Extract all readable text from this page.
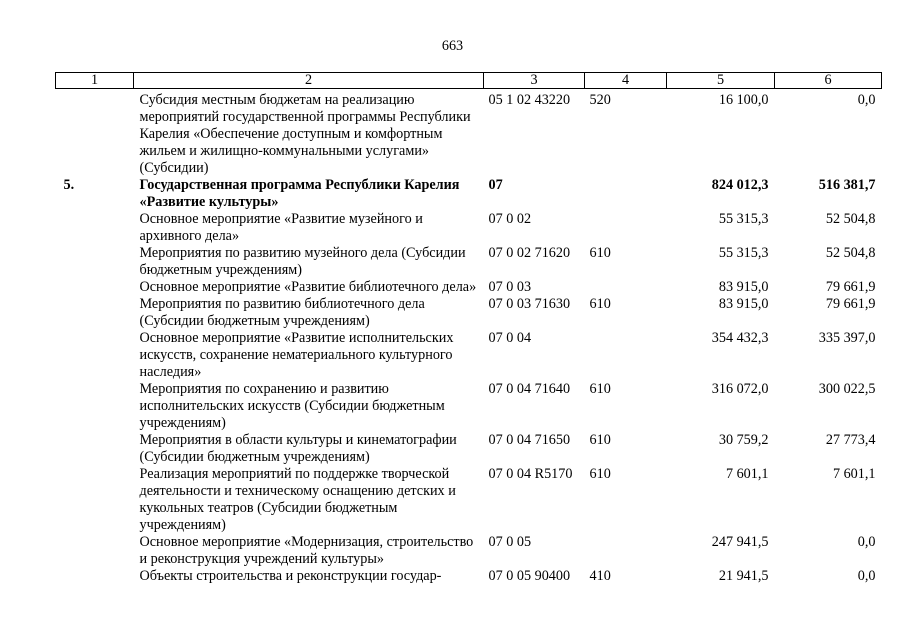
663
1	2	3	4	5	6
	Субсидия местным бюджетам на реализацию мероприятий государственной программы Республики Карелия «Обеспечение доступным и комфортным жильем и жилищно-коммунальными услугами» (Субсидии)	05 1 02 43220	520	16 100,0	0,0
5.	Государственная программа Республики Карелия «Развитие культуры»	07		824 012,3	516 381,7
	Основное мероприятие «Развитие музейного и архивного дела»	07 0 02		55 315,3	52 504,8
	Мероприятия по развитию музейного дела (Субсидии бюджетным учреждениям)	07 0 02 71620	610	55 315,3	52 504,8
	Основное мероприятие «Развитие библиотечного дела»	07 0 03		83 915,0	79 661,9
	Мероприятия по развитию библиотечного дела (Субсидии бюджетным учреждениям)	07 0 03 71630	610	83 915,0	79 661,9
	Основное мероприятие «Развитие исполнительских искусств, сохранение нематериального культурного наследия»	07 0 04		354 432,3	335 397,0
	Мероприятия по сохранению и развитию исполнительских искусств (Субсидии бюджетным учреждениям)	07 0 04 71640	610	316 072,0	300 022,5
	Мероприятия в области культуры и кинематографии (Субсидии бюджетным учреждениям)	07 0 04 71650	610	30 759,2	27 773,4
	Реализация мероприятий по поддержке творческой деятельности и техническому оснащению детских и кукольных театров (Субсидии бюджетным учреждениям)	07 0 04 R5170	610	7 601,1	7 601,1
	Основное мероприятие «Модернизация, строительство и реконструкция учреждений культуры»	07 0 05		247 941,5	0,0
	Объекты строительства и реконструкции государ-	07 0 05 90400	410	21 941,5	0,0
